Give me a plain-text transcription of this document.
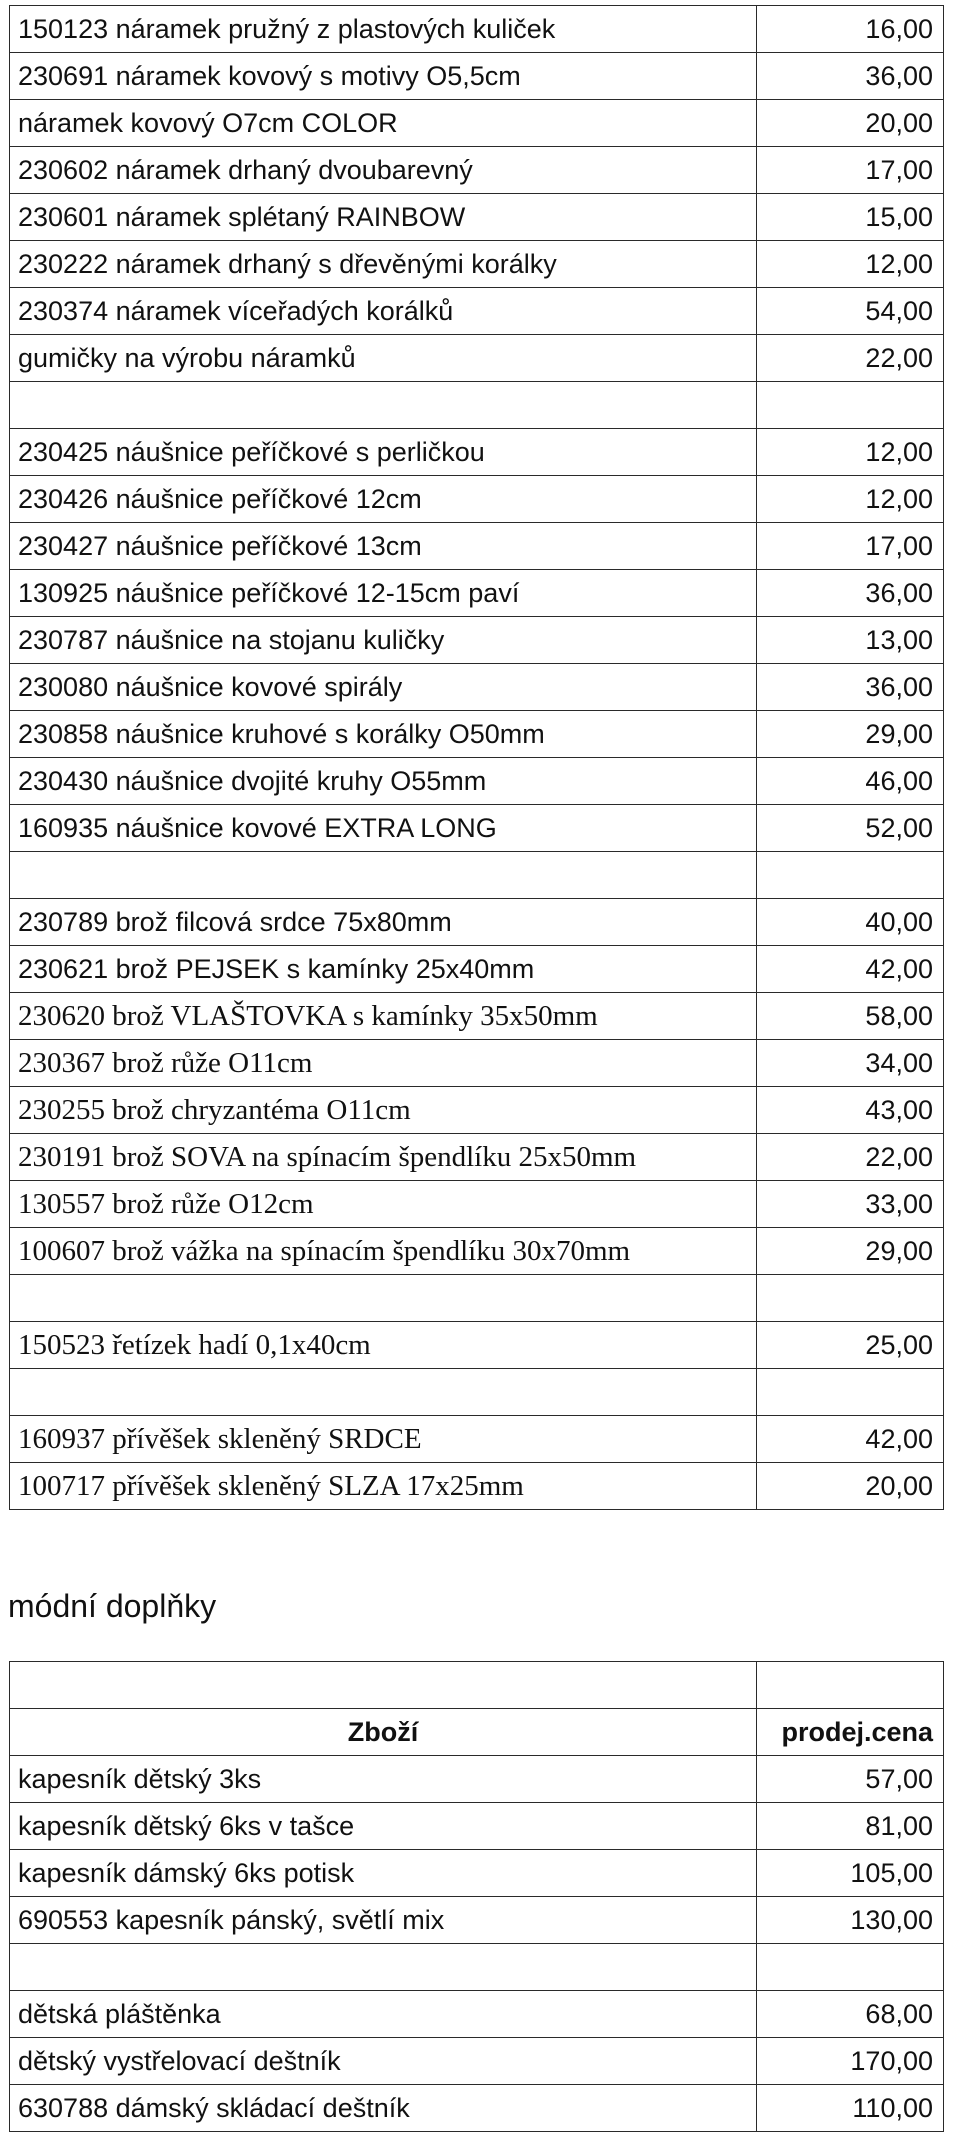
150123 náramek pružný z plastových kuliček	16,00
230691 náramek kovový s motivy O5,5cm	36,00
náramek kovový O7cm COLOR	20,00
230602 náramek drhaný dvoubarevný	17,00
230601 náramek splétaný RAINBOW	15,00
230222 náramek drhaný s dřevěnými korálky	12,00
230374 náramek víceřadých korálků	54,00
gumičky na výrobu náramků	22,00

230425 náušnice peříčkové s perličkou	12,00
230426 náušnice peříčkové 12cm	12,00
230427 náušnice peříčkové 13cm	17,00
130925 náušnice peříčkové 12-15cm paví	36,00
230787 náušnice na stojanu kuličky	13,00
230080 náušnice kovové spirály	36,00
230858 náušnice kruhové s korálky O50mm	29,00
230430 náušnice dvojité kruhy O55mm	46,00
160935 náušnice kovové EXTRA LONG	52,00

230789 brož filcová srdce 75x80mm	40,00
230621 brož PEJSEK s kamínky 25x40mm	42,00
230620 brož VLAŠTOVKA s kamínky 35x50mm	58,00
230367 brož růže O11cm	34,00
230255 brož chryzantéma O11cm	43,00
230191 brož SOVA na spínacím špendlíku 25x50mm	22,00
130557 brož růže O12cm	33,00
100607 brož vážka na spínacím špendlíku 30x70mm	29,00

150523 řetízek hadí 0,1x40cm	25,00

160937 přívěšek skleněný SRDCE	42,00
100717 přívěšek skleněný SLZA 17x25mm	20,00
módní doplňky

Zboží	prodej.cena
kapesník dětský 3ks	57,00
kapesník dětský 6ks v tašce	81,00
kapesník dámský 6ks potisk	105,00
690553 kapesník pánský, světlí mix	130,00

dětská pláštěnka	68,00
dětský vystřelovací deštník	170,00
630788 dámský skládací deštník	110,00
